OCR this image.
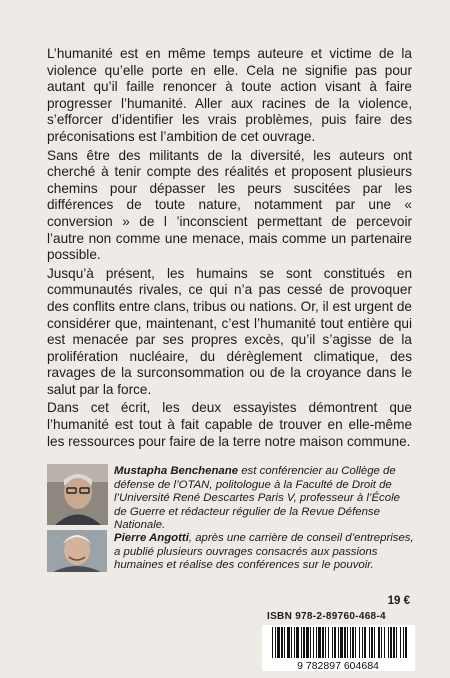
L’humanité est en même temps auteure et victime de la violence qu’elle porte en elle. Cela ne signifie pas pour autant qu’il faille renoncer à toute action visant à faire progresser l’humanité. Aller aux racines de la violence, s’efforcer d’identifier les vrais problèmes, puis faire des préconisations est l’ambition de cet ouvrage.

Sans être des militants de la diversité, les auteurs ont cherché à tenir compte des réalités et proposent plusieurs chemins pour dépasser les peurs suscitées par les différences de toute nature, notamment par une « conversion » de l ’inconscient permettant de percevoir l’autre non comme une menace, mais comme un partenaire possible.

Jusqu’à présent, les humains se sont constitués en communautés rivales, ce qui n’a pas cessé de provoquer des conflits entre clans, tribus ou nations. Or, il est urgent de considérer que, maintenant, c’est l’humanité tout entière qui est menacée par ses propres excès, qu’il s’agisse de la prolifération nucléaire, du dérèglement climatique, des ravages de la surconsommation ou de la croyance dans le salut par la force.

Dans cet écrit, les deux essayistes démontrent que l’humanité est tout à fait capable de trouver en elle-même les ressources pour faire de la terre notre maison commune.

Mustapha Benchenane est conférencier au Collège de défense de l’OTAN, politologue à la Faculté de Droit de l’Université René Descartes Paris V, professeur à l’École de Guerre et rédacteur régulier de la Revue Défense Nationale.
Pierre Angotti, après une carrière de conseil d’entreprises, a publié plusieurs ouvrages consacrés aux passions humaines et réalise des conférences sur le pouvoir.
19 €
ISBN 978-2-89760-468-4
9 782897 604684
